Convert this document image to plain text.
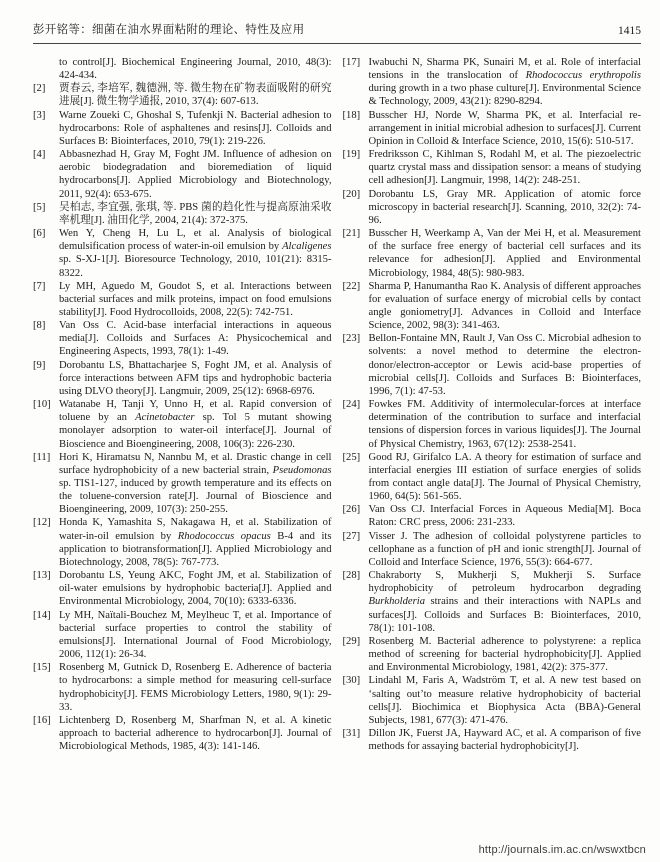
彭开铭等：细菌在油水界面粘附的理论、特性及应用	1415
to control[J]. Biochemical Engineering Journal, 2010, 48(3): 424-434.
[2]	贾春云, 李培军, 魏德洲, 等. 微生物在矿物表面吸附的研究进展[J]. 微生物学通报, 2010, 37(4): 607-613.
[3]	Warne Zoueki C, Ghoshal S, Tufenkji N. Bacterial adhesion to hydrocarbons: Role of asphaltenes and resins[J]. Colloids and Surfaces B: Biointerfaces, 2010, 79(1): 219-226.
[4]	Abbasnezhad H, Gray M, Foght JM. Influence of adhesion on aerobic biodegradation and bioremediation of liquid hydrocarbons[J]. Applied Microbiology and Biotechnology, 2011, 92(4): 653-675.
[5]	吴柏志, 李宜强, 张琪, 等. PBS 菌的趋化性与提高原油采收率机理[J]. 油田化学, 2004, 21(4): 372-375.
[6]	Wen Y, Cheng H, Lu L, et al. Analysis of biological demulsification process of water-in-oil emulsion by Alcaligenes sp. S-XJ-1[J]. Bioresource Technology, 2010, 101(21): 8315-8322.
[7]	Ly MH, Aguedo M, Goudot S, et al. Interactions between bacterial surfaces and milk proteins, impact on food emulsions stability[J]. Food Hydrocolloids, 2008, 22(5): 742-751.
[8]	Van Oss C. Acid-base interfacial interactions in aqueous media[J]. Colloids and Surfaces A: Physicochemical and Engineering Aspects, 1993, 78(1): 1-49.
[9]	Dorobantu LS, Bhattacharjee S, Foght JM, et al. Analysis of force interactions between AFM tips and hydrophobic bacteria using DLVO theory[J]. Langmuir, 2009, 25(12): 6968-6976.
[10] Watanabe H, Tanji Y, Unno H, et al. Rapid conversion of toluene by an Acinetobacter sp. Tol 5 mutant showing monolayer adsorption to water-oil interface[J]. Journal of Bioscience and Bioengineering, 2008, 106(3): 226-230.
[11] Hori K, Hiramatsu N, Nannbu M, et al. Drastic change in cell surface hydrophobicity of a new bacterial strain, Pseudomonas sp. TIS1-127, induced by growth temperature and its effects on the toluene-conversion rate[J]. Journal of Bioscience and Bioengineering, 2009, 107(3): 250-255.
[12] Honda K, Yamashita S, Nakagawa H, et al. Stabilization of water-in-oil emulsion by Rhodococcus opacus B-4 and its application to biotransformation[J]. Applied Microbiology and Biotechnology, 2008, 78(5): 767-773.
[13] Dorobantu LS, Yeung AKC, Foght JM, et al. Stabilization of oil-water emulsions by hydrophobic bacteria[J]. Applied and Environmental Microbiology, 2004, 70(10): 6333-6336.
[14] Ly MH, Naïtali-Bouchez M, Meylheuc T, et al. Importance of bacterial surface properties to control the stability of emulsions[J]. International Journal of Food Microbiology, 2006, 112(1): 26-34.
[15] Rosenberg M, Gutnick D, Rosenberg E. Adherence of bacteria to hydrocarbons: a simple method for measuring cell-surface hydrophobicity[J]. FEMS Microbiology Letters, 1980, 9(1): 29-33.
[16] Lichtenberg D, Rosenberg M, Sharfman N, et al. A kinetic approach to bacterial adherence to hydrocarbon[J]. Journal of Microbiological Methods, 1985, 4(3): 141-146.
[17] Iwabuchi N, Sharma PK, Sunairi M, et al. Role of interfacial tensions in the translocation of Rhodococcus erythropolis during growth in a two phase culture[J]. Environmental Science & Technology, 2009, 43(21): 8290-8294.
[18] Busscher HJ, Norde W, Sharma PK, et al. Interfacial re-arrangement in initial microbial adhesion to surfaces[J]. Current Opinion in Colloid & Interface Science, 2010, 15(6): 510-517.
[19] Fredriksson C, Kihlman S, Rodahl M, et al. The piezoelectric quartz crystal mass and dissipation sensor: a means of studying cell adhesion[J]. Langmuir, 1998, 14(2): 248-251.
[20] Dorobantu LS, Gray MR. Application of atomic force microscopy in bacterial research[J]. Scanning, 2010, 32(2): 74-96.
[21] Busscher H, Weerkamp A, Van der Mei H, et al. Measurement of the surface free energy of bacterial cell surfaces and its relevance for adhesion[J]. Applied and Environmental Microbiology, 1984, 48(5): 980-983.
[22] Sharma P, Hanumantha Rao K. Analysis of different approaches for evaluation of surface energy of microbial cells by contact angle goniometry[J]. Advances in Colloid and Interface Science, 2002, 98(3): 341-463.
[23] Bellon-Fontaine MN, Rault J, Van Oss C. Microbial adhesion to solvents: a novel method to determine the electron-donor/electron-acceptor or Lewis acid-base properties of microbial cells[J]. Colloids and Surfaces B: Biointerfaces, 1996, 7(1): 47-53.
[24] Fowkes FM. Additivity of intermolecular-forces at interface determination of the contribution to surface and interfacial tensions of dispersion forces in various liquides[J]. The Journal of Physical Chemistry, 1963, 67(12): 2538-2541.
[25] Good RJ, Girifalco LA. A theory for estimation of surface and interfacial energies III estiation of surface energies of solids from contact angle data[J]. The Journal of Physical Chemistry, 1960, 64(5): 561-565.
[26] Van Oss CJ. Interfacial Forces in Aqueous Media[M]. Boca Raton: CRC press, 2006: 231-233.
[27] Visser J. The adhesion of colloidal polystyrene particles to cellophane as a function of pH and ionic strength[J]. Journal of Colloid and Interface Science, 1976, 55(3): 664-677.
[28] Chakraborty S, Mukherji S, Mukherji S. Surface hydrophobicity of petroleum hydrocarbon degrading Burkholderia strains and their interactions with NAPLs and surfaces[J]. Colloids and Surfaces B: Biointerfaces, 2010, 78(1): 101-108.
[29] Rosenberg M. Bacterial adherence to polystyrene: a replica method of screening for bacterial hydrophobicity[J]. Applied and Environmental Microbiology, 1981, 42(2): 375-377.
[30] Lindahl M, Faris A, Wadström T, et al. A new test based on ‘salting out’to measure relative hydrophobicity of bacterial cells[J]. Biochimica et Biophysica Acta (BBA)-General Subjects, 1981, 677(3): 471-476.
[31] Dillon JK, Fuerst JA, Hayward AC, et al. A comparison of five methods for assaying bacterial hydrophobicity[J].
http://journals.im.ac.cn/wswxtbcn
